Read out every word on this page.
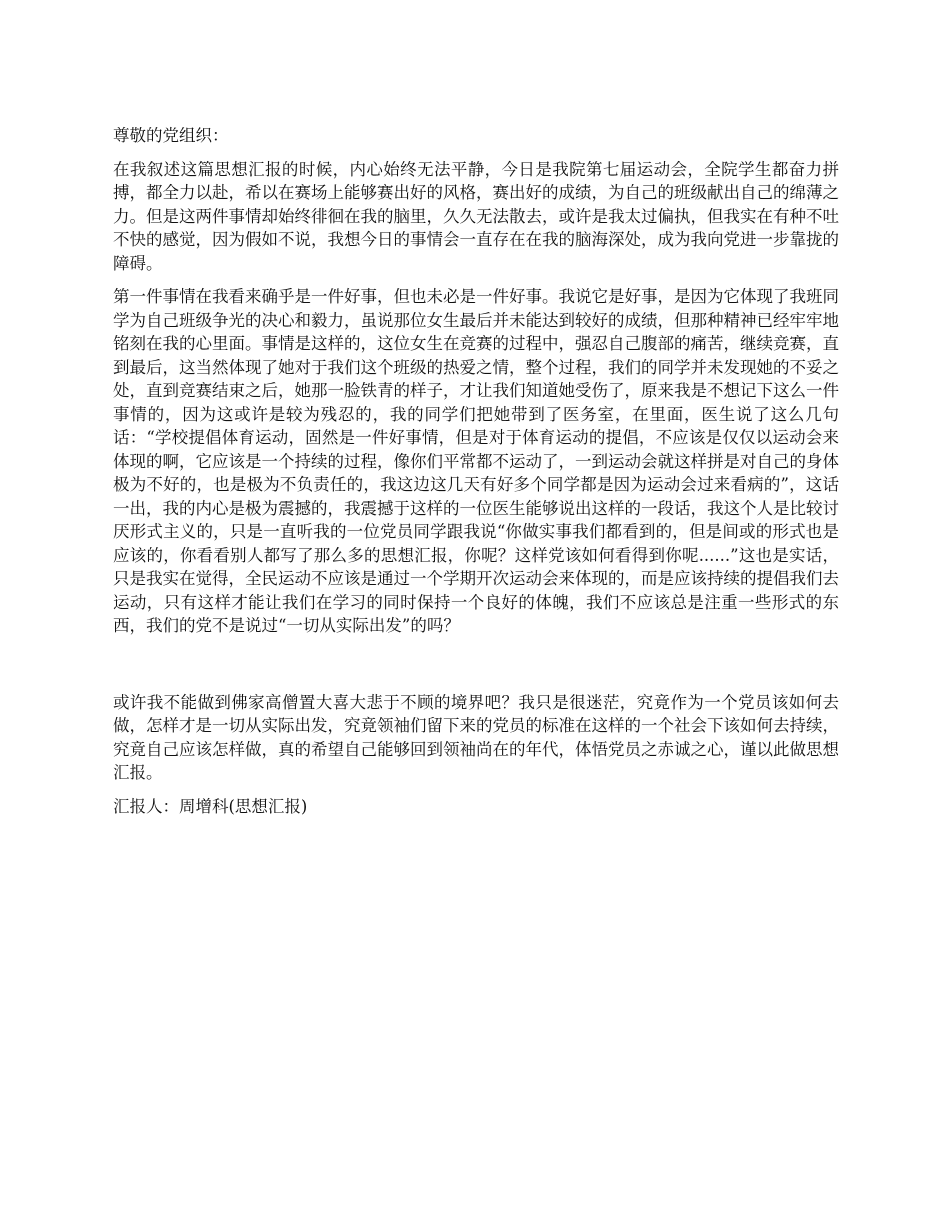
尊敬的党组织：

在我叙述这篇思想汇报的时候，内心始终无法平静，今日是我院第七届运动会，全院学生都奋力拼搏，都全力以赴，希以在赛场上能够赛出好的风格，赛出好的成绩，为自己的班级献出自己的绵薄之力。但是这两件事情却始终徘徊在我的脑里，久久无法散去，或许是我太过偏执，但我实在有种不吐不快的感觉，因为假如不说，我想今日的事情会一直存在在我的脑海深处，成为我向党进一步靠拢的障碍。

第一件事情在我看来确乎是一件好事，但也未必是一件好事。我说它是好事，是因为它体现了我班同学为自己班级争光的决心和毅力，虽说那位女生最后并未能达到较好的成绩，但那种精神已经牢牢地铭刻在我的心里面。事情是这样的，这位女生在竞赛的过程中，强忍自己腹部的痛苦，继续竞赛，直到最后，这当然体现了她对于我们这个班级的热爱之情，整个过程，我们的同学并未发现她的不妥之处，直到竞赛结束之后，她那一脸铁青的样子，才让我们知道她受伤了，原来我是不想记下这么一件事情的，因为这或许是较为残忍的，我的同学们把她带到了医务室，在里面，医生说了这么几句话：“学校提倡体育运动，固然是一件好事情，但是对于体育运动的提倡，不应该是仅仅以运动会来体现的啊，它应该是一个持续的过程，像你们平常都不运动了，一到运动会就这样拼是对自己的身体极为不好的，也是极为不负责任的，我这边这几天有好多个同学都是因为运动会过来看病的”，这话一出，我的内心是极为震撼的，我震撼于这样的一位医生能够说出这样的一段话，我这个人是比较讨厌形式主义的，只是一直听我的一位党员同学跟我说“你做实事我们都看到的，但是间或的形式也是应该的，你看看别人都写了那么多的思想汇报，你呢？这样党该如何看得到你呢......”这也是实话，只是我实在觉得，全民运动不应该是通过一个学期开次运动会来体现的，而是应该持续的提倡我们去运动，只有这样才能让我们在学习的同时保持一个良好的体魄，我们不应该总是注重一些形式的东西，我们的党不是说过“一切从实际出发”的吗？

或许我不能做到佛家高僧置大喜大悲于不顾的境界吧？我只是很迷茫，究竟作为一个党员该如何去做，怎样才是一切从实际出发，究竟领袖们留下来的党员的标准在这样的一个社会下该如何去持续，究竟自己应该怎样做，真的希望自己能够回到领袖尚在的年代，体悟党员之赤诚之心，谨以此做思想汇报。

汇报人：周增科(思想汇报)
